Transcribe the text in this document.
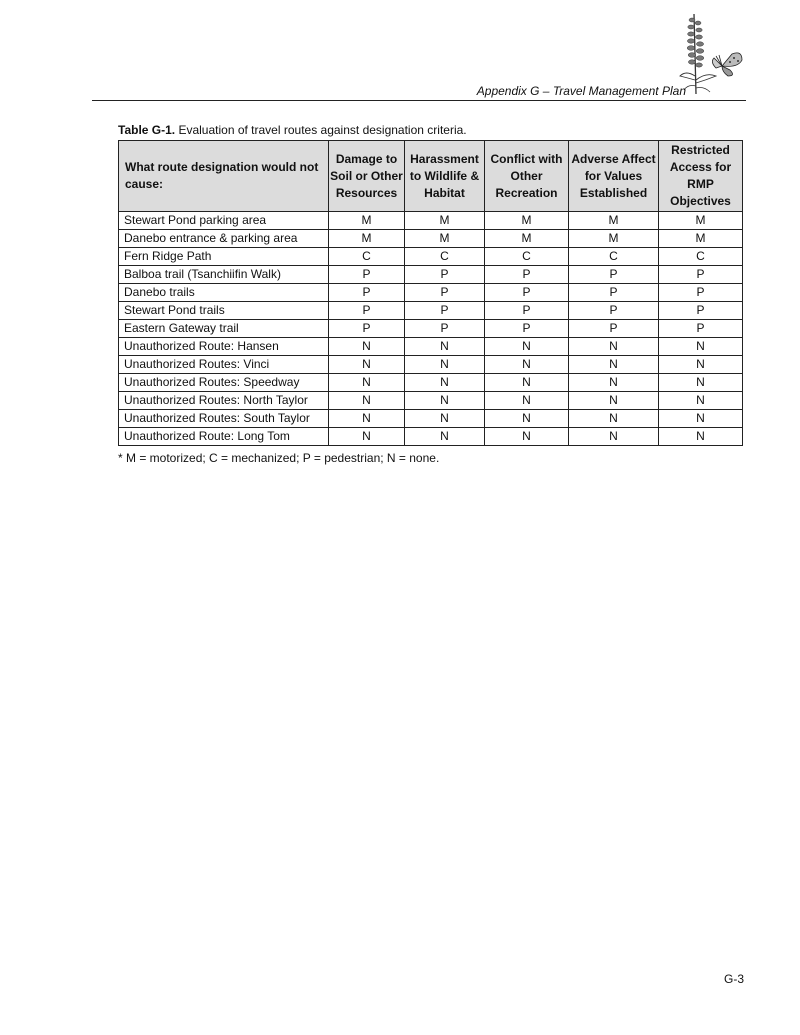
Appendix G – Travel Management Plan
Table G-1. Evaluation of travel routes against designation criteria.
What route designation would not cause:	Damage to Soil or Other Resources	Harassment to Wildlife & Habitat	Conflict with Other Recreation	Adverse Affect for Values Established	Restricted Access for RMP Objectives
Stewart Pond parking area	M	M	M	M	M
Danebo entrance & parking area	M	M	M	M	M
Fern Ridge Path	C	C	C	C	C
Balboa trail (Tsanchiifin Walk)	P	P	P	P	P
Danebo trails	P	P	P	P	P
Stewart Pond trails	P	P	P	P	P
Eastern Gateway trail	P	P	P	P	P
Unauthorized Route: Hansen	N	N	N	N	N
Unauthorized Routes: Vinci	N	N	N	N	N
Unauthorized Routes: Speedway	N	N	N	N	N
Unauthorized Routes: North Taylor	N	N	N	N	N
Unauthorized Routes: South Taylor	N	N	N	N	N
Unauthorized Route: Long Tom	N	N	N	N	N
* M = motorized; C = mechanized; P = pedestrian; N = none.
G-3
